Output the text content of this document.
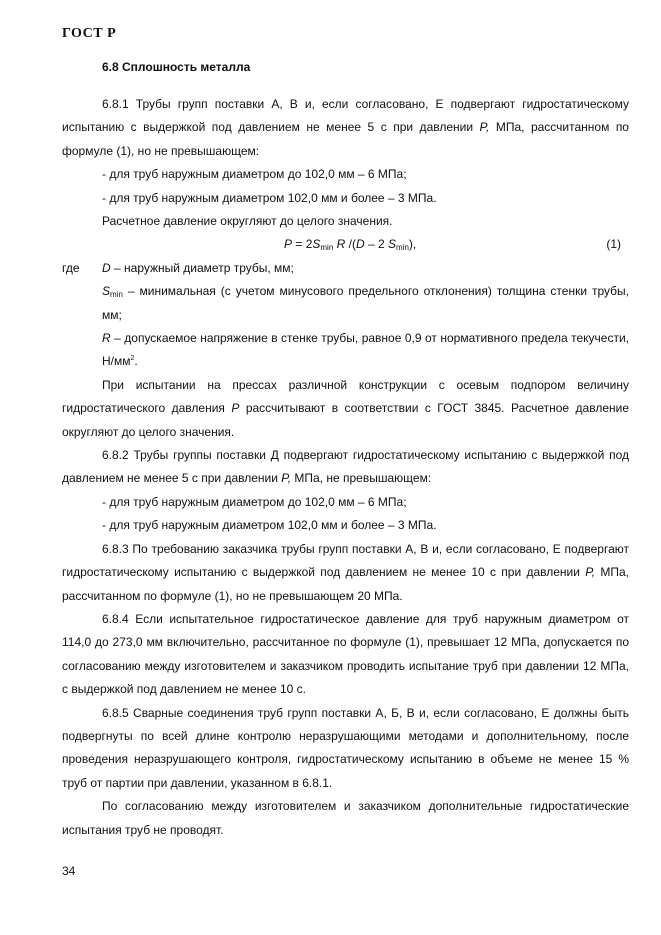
ГОСТ Р
6.8 Сплошность металла

6.8.1 Трубы групп поставки А, В и, если согласовано, Е подвергают гидростатическому испытанию с выдержкой под давлением не менее 5 с при давлении P, МПа, рассчитанном по формуле (1), но не превышающем:

- для труб наружным диаметром до 102,0 мм – 6 МПа;

- для труб наружным диаметром 102,0 мм и более – 3 МПа.

Расчетное давление округляют до целого значения.

$P = 2S_{min}$ R /(D – 2 $S_{min}$),	(1)

где D – наружный диаметр трубы, мм;

$S_{min}$ – минимальная (с учетом минусового предельного отклонения) толщина стенки трубы, мм;

R – допускаемое напряжение в стенке трубы, равное 0,9 от нормативного предела текучести, $Н/мм^2$.

При испытании на прессах различной конструкции с осевым подпором величину гидростатического давления P рассчитывают в соответствии с ГОСТ 3845. Расчетное давление округляют до целого значения.

6.8.2 Трубы группы поставки Д подвергают гидростатическому испытанию с выдержкой под давлением не менее 5 с при давлении P, МПа, не превышающем:

- для труб наружным диаметром до 102,0 мм – 6 МПа;

- для труб наружным диаметром 102,0 мм и более – 3 МПа.

6.8.3 По требованию заказчика трубы групп поставки А, В и, если согласовано, Е подвергают гидростатическому испытанию с выдержкой под давлением не менее 10 с при давлении P, МПа, рассчитанном по формуле (1), но не превышающем 20 МПа.

6.8.4 Если испытательное гидростатическое давление для труб наружным диаметром от 114,0 до 273,0 мм включительно, рассчитанное по формуле (1), превышает 12 МПа, допускается по согласованию между изготовителем и заказчиком проводить испытание труб при давлении 12 МПа, с выдержкой под давлением не менее 10 с.

6.8.5 Сварные соединения труб групп поставки А, Б, В и, если согласовано, Е должны быть подвергнуты по всей длине контролю неразрушающими методами и дополнительному, после проведения неразрушающего контроля, гидростатическому испытанию в объеме не менее 15 % труб от партии при давлении, указанном в 6.8.1.

По согласованию между изготовителем и заказчиком дополнительные гидростатические испытания труб не проводят.

34
